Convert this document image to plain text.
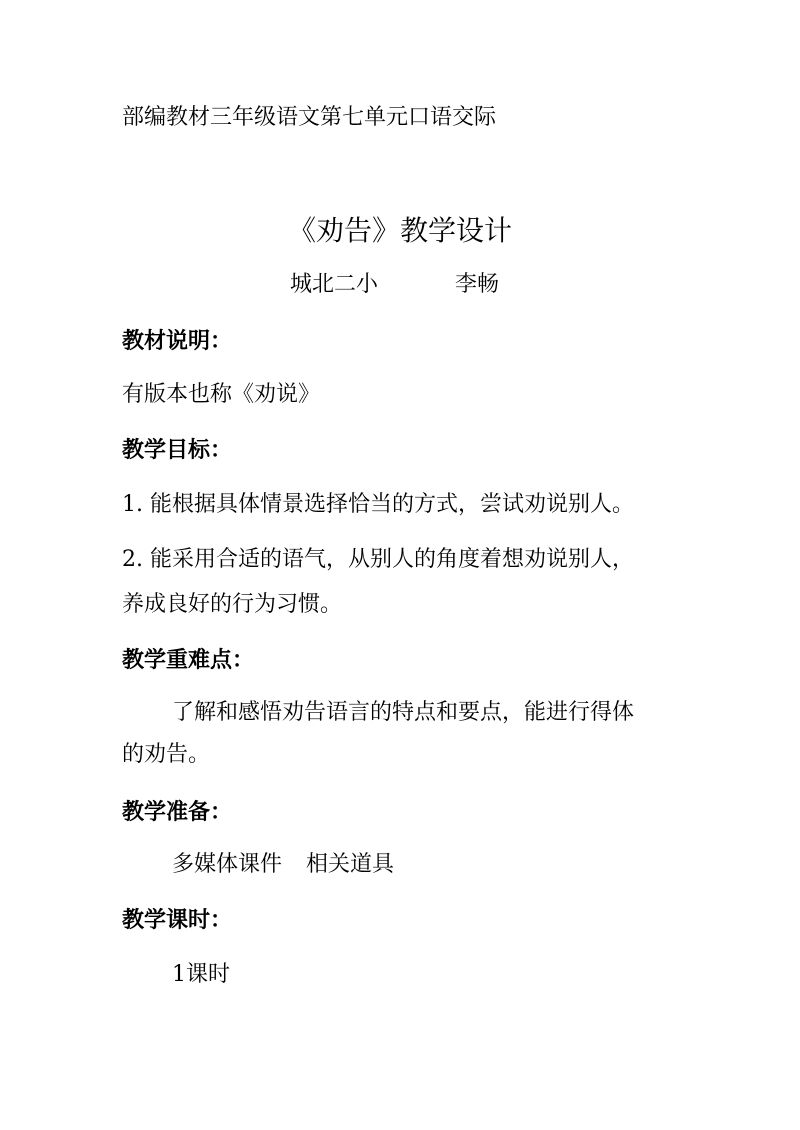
部编教材三年级语文第七单元口语交际
《劝告》教学设计
城北二小	李畅
教材说明：
有版本也称《劝说》
教学目标：
1. 能根据具体情景选择恰当的方式，尝试劝说别人。
2. 能采用合适的语气，从别人的角度着想劝说别人，
养成良好的行为习惯。
教学重难点：
了解和感悟劝告语言的特点和要点，能进行得体
的劝告。
教学准备：
多媒体课件 相关道具
教学课时：
1课时
